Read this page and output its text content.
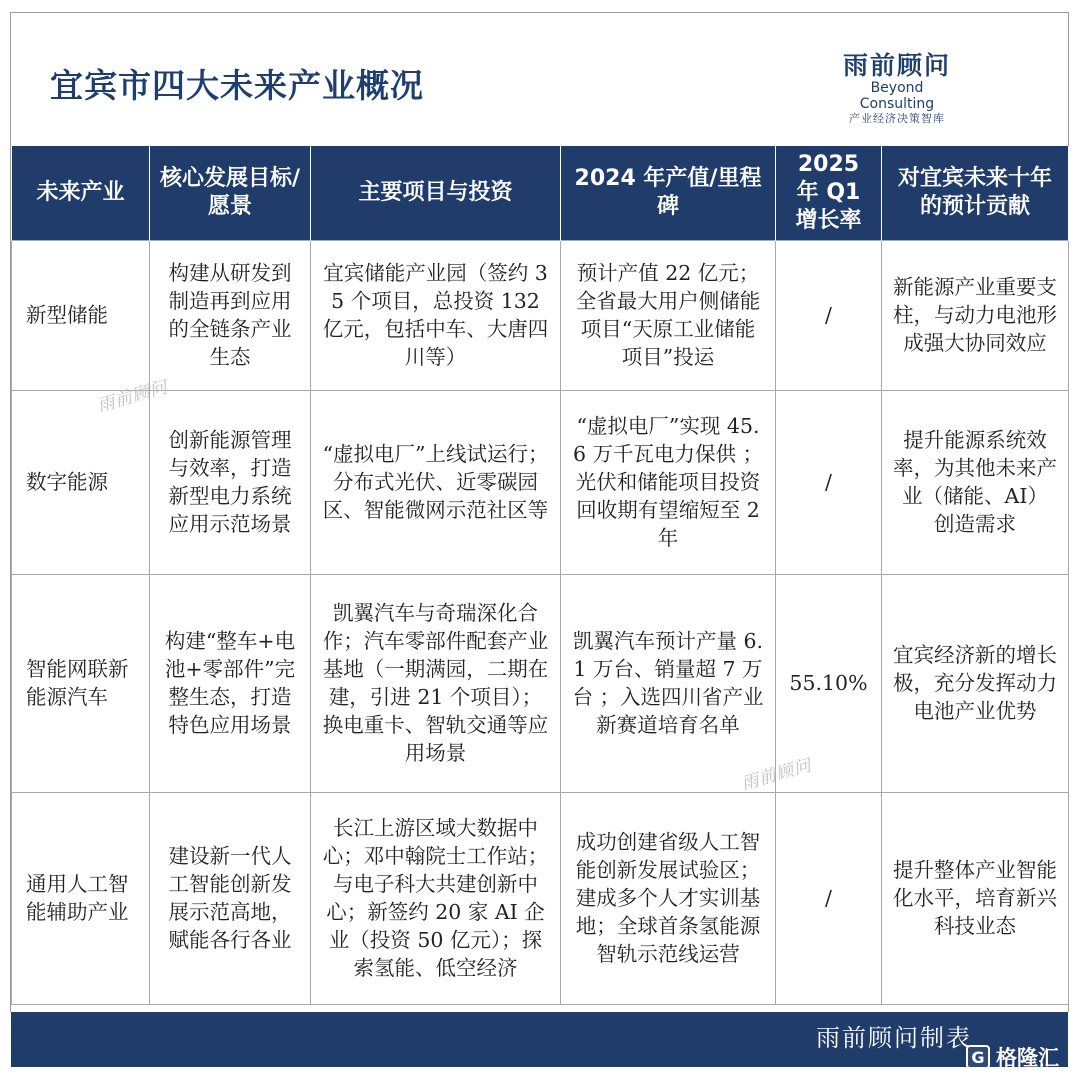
宜宾市四大未来产业概况
雨前顾问
Beyond Consulting
产业经济决策智库
未来产业	核心发展目标/愿景	主要项目与投资	2024 年产值/里程碑	2025 年 Q1 增长率	对宜宾未来十年的预计贡献
新型储能	构建从研发到制造再到应用的全链条产业生态	宜宾储能产业园（签约 35 个项目，总投资 132 亿元，包括中车、大唐四川等）	预计产值 22 亿元；全省最大用户侧储能项目“天原工业储能项目”投运	/	新能源产业重要支柱，与动力电池形成强大协同效应
数字能源	创新能源管理与效率，打造新型电力系统应用示范场景	“虚拟电厂”上线试运行；分布式光伏、近零碳园区、智能微网示范社区等	“虚拟电厂”实现 45.6 万千瓦电力保供 ；光伏和储能项目投资回收期有望缩短至 2 年	/	提升能源系统效率，为其他未来产业（储能、AI）创造需求
智能网联新能源汽车	构建“整车+电池+零部件”完整生态，打造特色应用场景	凯翼汽车与奇瑞深化合作；汽车零部件配套产业基地（一期满园，二期在建，引进 21 个项目）；换电重卡、智轨交通等应用场景	凯翼汽车预计产量 6.1 万台、销量超 7 万台 ；入选四川省产业新赛道培育名单	55.10%	宜宾经济新的增长极，充分发挥动力电池产业优势
通用人工智能辅助产业	建设新一代人工智能创新发展示范高地，赋能各行各业	长江上游区域大数据中心；邓中翰院士工作站；与电子科大共建创新中心；新签约 20 家 AI 企业（投资 50 亿元）；探索氢能、低空经济	成功创建省级人工智能创新发展试验区；建成多个人才实训基地；全球首条氢能源智轨示范线运营	/	提升整体产业智能化水平，培育新兴科技业态
雨前顾问
雨前顾问
雨前顾问制表
G 格隆汇
